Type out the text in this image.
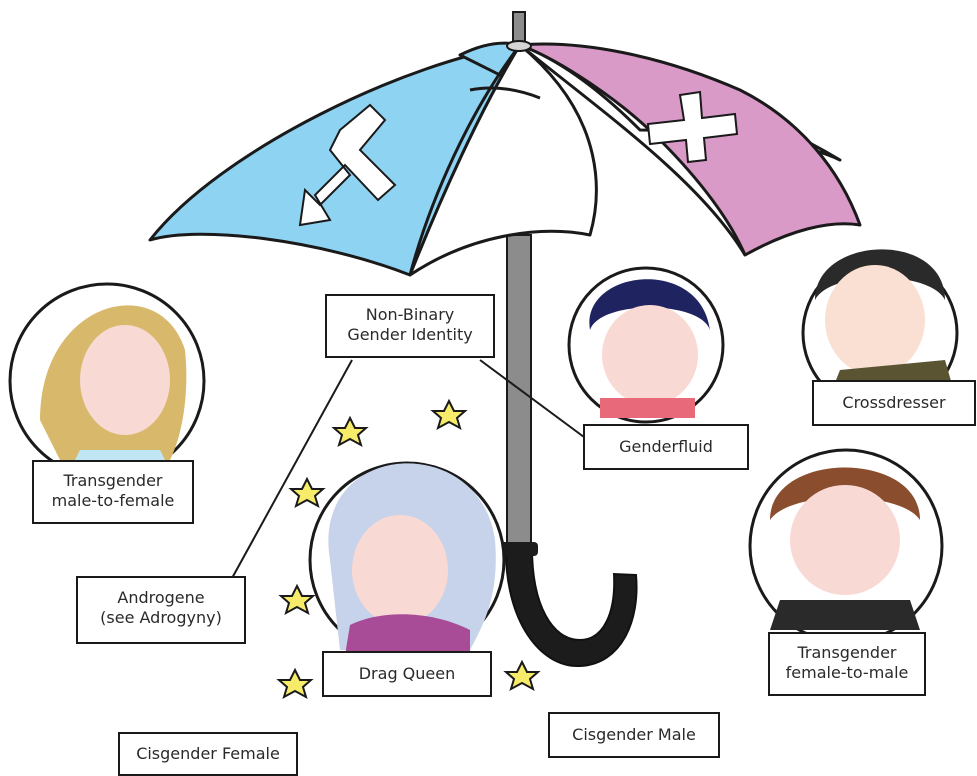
Non-Binary
Gender Identity
Transgender
male-to-female
Androgene
(see Adrogyny)
Drag Queen
Genderfluid
Crossdresser
Transgender
female-to-male
Cisgender Male
Cisgender Female
